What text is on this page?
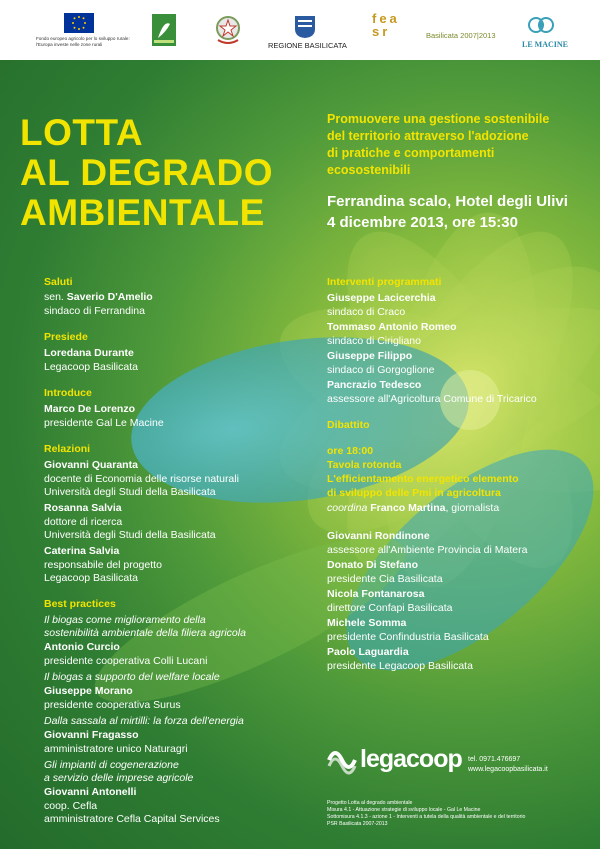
Fondo europeo agricolo per lo sviluppo rurale: l'Europa investe nelle zone rurali	REGIONE BASILICATA
feasr	Basilicata 2007|2013
LE MACINE
LOTTA
AL DEGRADO
AMBIENTALE
Promuovere una gestione sostenibile
del territorio attraverso l'adozione
di pratiche e comportamenti
ecosostenibili
Ferrandina scalo, Hotel degli Ulivi
4 dicembre 2013, ore 15:30
Saluti
sen. Saverio D'Amelio
sindaco di Ferrandina
Presiede
Loredana Durante
Legacoop Basilicata
Introduce
Marco De Lorenzo
presidente Gal Le Macine
Relazioni
Giovanni Quaranta
docente di Economia delle risorse naturali
Università degli Studi della Basilicata
Rosanna Salvia
dottore di ricerca
Università degli Studi della Basilicata
Caterina Salvia
responsabile del progetto
Legacoop Basilicata
Best practices
Il biogas come miglioramento della
sostenibilità ambientale della filiera agricola
Antonio Curcio
presidente cooperativa Colli Lucani
Il biogas a supporto del welfare locale
Giuseppe Morano
presidente cooperativa Surus
Dalla sassala al mirtilli: la forza dell'energia
Giovanni Fragasso
amministratore unico Naturagri
Gli impianti di cogenerazione
a servizio delle imprese agricole
Giovanni Antonelli
coop. Cefla
amministratore Cefla Capital Services
Interventi programmati
Giuseppe Lacicerchia
sindaco di Craco
Tommaso Antonio Romeo
sindaco di Cirigliano
Giuseppe Filippo
sindaco di Gorgoglione
Pancrazio Tedesco
assessore all'Agricoltura Comune di Tricarico
Dibattito
ore 18:00
Tavola rotonda
L'efficientamento energetico elemento
di sviluppo delle Pmi in agricoltura
coordina Franco Martina, giornalista
Giovanni Rondinone
assessore all'Ambiente Provincia di Matera
Donato Di Stefano
presidente Cia Basilicata
Nicola Fontanarosa
direttore Confapi Basilicata
Michele Somma
presidente Confindustria Basilicata
Paolo Laguardia
presidente Legacoop Basilicata
legacoop tel. 0971.476697
www.legacoopbasilicata.it
Progetto Lotta al degrado ambientale
Misura 4.1 - Attuazione strategie di sviluppo locale - Gal Le Macine
Sottomisura 4.1.3 - azione 1 - Interventi a tutela della qualità ambientale e del territorio
PSR Basilicata 2007-2013
